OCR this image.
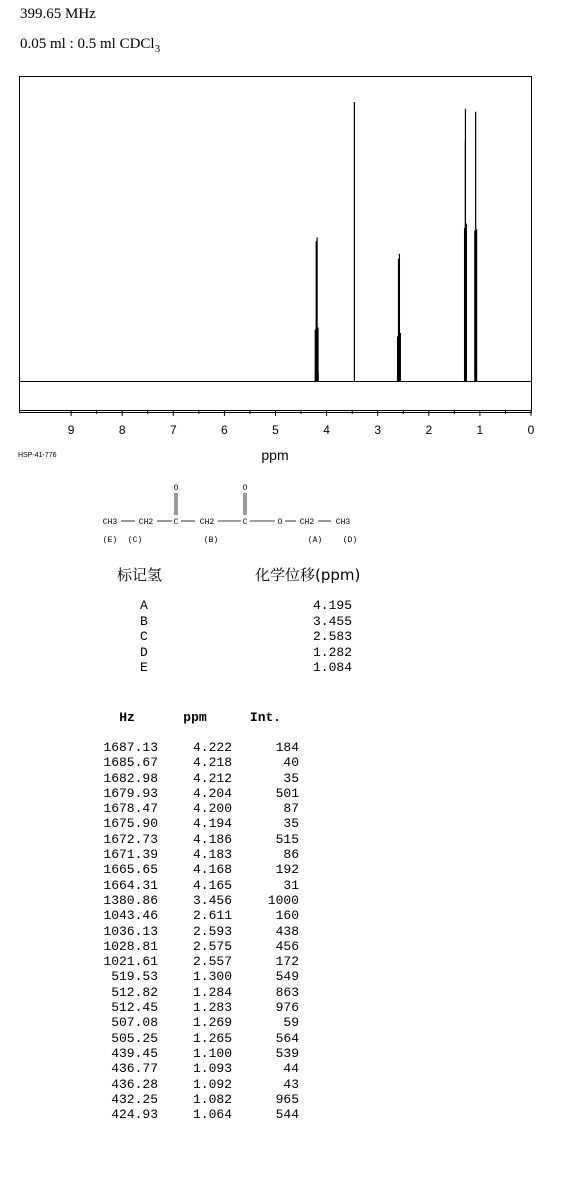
399.65 MHz
0.05 ml : 0.5 ml CDCl$_3$
9	8	7	6	5	4	3	2	1	0
ppm
HSP-41-776
O	O
CH3	CH2	C	CH2	C	O CH2	CH3
(E) (C)	(B)	(A)	(D)
标记氢	化学位移(ppm)
A	4.195
B	3.455
C	2.583
D	1.282
E	1.084
Hz	ppm	Int.
1687.13	4.222	184
1685.67	4.218	40
1682.98	4.212	35
1679.93	4.204	501
1678.47	4.200	87
1675.90	4.194	35
1672.73	4.186	515
1671.39	4.183	86
1665.65	4.168	192
1664.31	4.165	31
1380.86	3.456	1000
1043.46	2.611	160
1036.13	2.593	438
1028.81	2.575	456
1021.61	2.557	172
519.53	1.300	549
512.82	1.284	863
512.45	1.283	976
507.08	1.269	59
505.25	1.265	564
439.45	1.100	539
436.77	1.093	44
436.28	1.092	43
432.25	1.082	965
424.93	1.064	544
